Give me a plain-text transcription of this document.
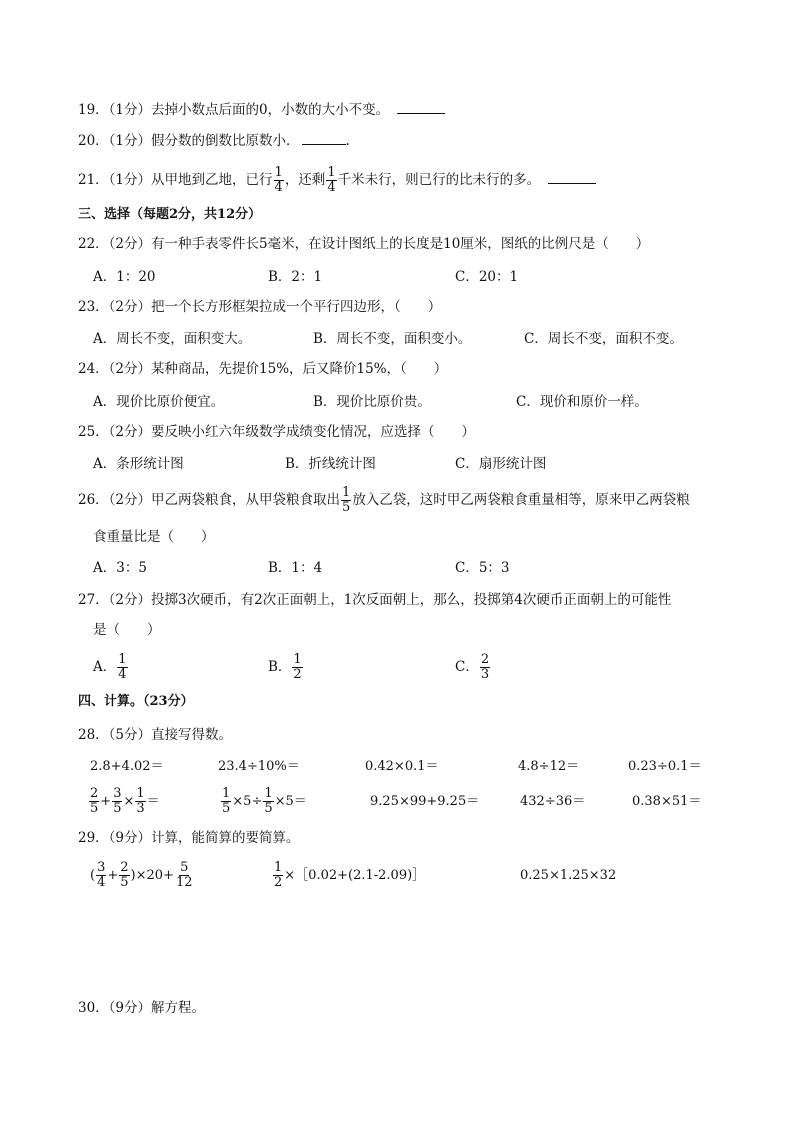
19．（1分）去掉小数点后面的0，小数的大小不变。
20．（1分）假分数的倒数比原数小．	.
21．（1分）从甲地到乙地，已行 $\frac{1}{4}$ ，还剩 $\frac{1}{4}$ 千米未行，则已行的比未行的多。
三、选择（每题2分，共12分）
22．（2分）有一种手表零件长5毫米，在设计图纸上的长度是10厘米，图纸的比例尺是（　　）
A．1：20	B．2：1	C．20：1
23．（2分）把一个长方形框架拉成一个平行四边形，（　　）
A．周长不变，面积变大。	B．周长不变，面积变小。	C．周长不变，面积不变。
24．（2分）某种商品，先提价15%，后又降价15%，（　　）
A．现价比原价便宜。	B．现价比原价贵。	C．现价和原价一样。
25．（2分）要反映小红六年级数学成绩变化情况，应选择（　　）
A．条形统计图	B．折线统计图	C．扇形统计图
26．（2分）甲乙两袋粮食，从甲袋粮食取出 $\frac{1}{5}$ 放入乙袋，这时甲乙两袋粮食重量相等，原来甲乙两袋粮
食重量比是（　　）
A．3：5	B．1：4	C．5：3
27．（2分）投掷3次硬币，有2次正面朝上，1次反面朝上，那么，投掷第4次硬币正面朝上的可能性
是（　　）
A． $\frac{1}{4}$	B． $\frac{1}{2}$	C． $\frac{2}{3}$
四、计算。（23分）
28．（5分）直接写得数。
2.8+4.02＝	23.4÷10%＝	0.42×0.1＝	4.8÷12＝	0.23÷0.1＝
$\frac{2}{5} + \frac{3}{5} \times \frac{1}{3}$ ＝	$\frac{1}{5} \times 5\div \frac{1}{5} \times 5=$	9.25×99+9.25＝	432÷36＝	0.38×51＝
29．（9分）计算，能简算的要简算。
( $\frac{3}{4} + \frac{2}{5} )\times 20+ \frac{5}{12}$	$\frac{1}{2}$ ×［0.02+(2.1-2.09)］	0.25×1.25×32
30．（9分）解方程。
